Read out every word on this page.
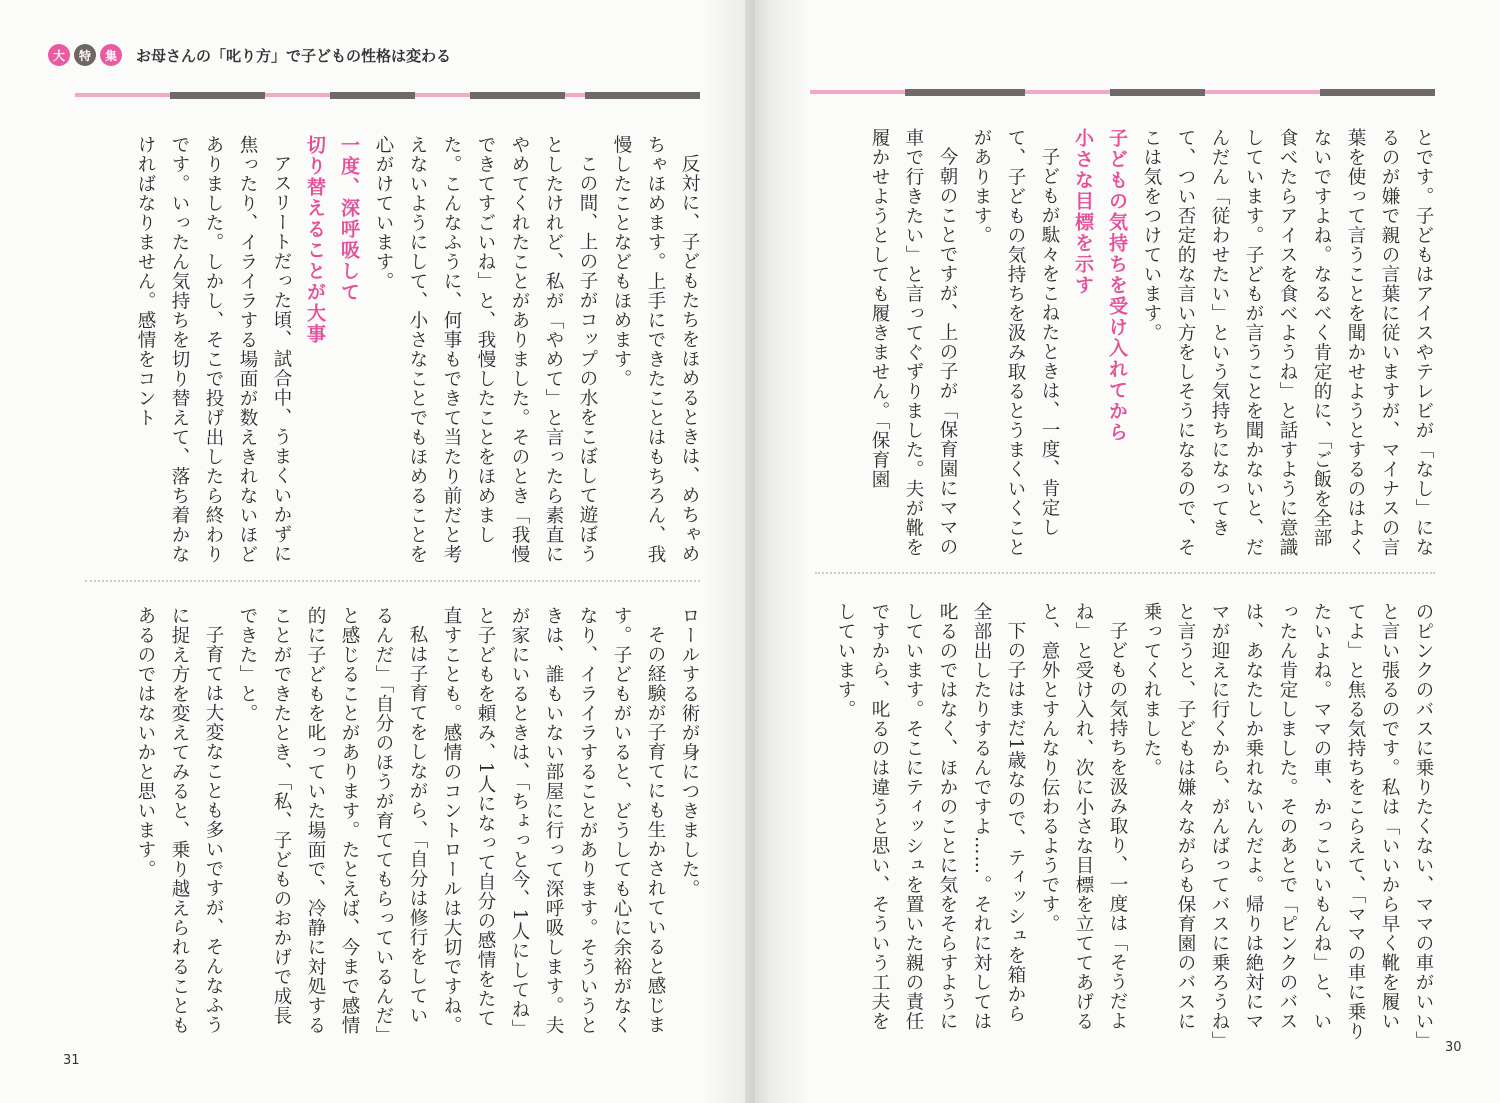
大	特	集	お母さんの「叱り方」で子どもの性格は変わる

とです。子どもはアイスやテレビが「なし」になるのが嫌で親の言葉に従いますが、マイナスの言葉を使って言うことを聞かせようとするのはよくないですよね。なるべく肯定的に、「ご飯を全部食べたらアイスを食べようね」と話すように意識しています。子どもが言うことを聞かないと、だんだん「従わせたい」という気持ちになってきて、つい否定的な言い方をしそうになるので、そこは気をつけています。

子どもの気持ちを受け入れてから
小さな目標を示す

子どもが駄々をこねたときは、一度、肯定して、子どもの気持ちを汲み取るとうまくいくことがあります。

今朝のことですが、上の子が「保育園にママの車で行きたい」と言ってぐずりました。夫が靴を履かせようとしても履きません。「保育園

のピンクのバスに乗りたくない、ママの車がいい」と言い張るのです。私は「いいから早く靴を履いてよ」と焦る気持ちをこらえて、「ママの車に乗りたいよね。ママの車、かっこいいもんね」と、いったん肯定しました。そのあとで「ピンクのバスは、あなたしか乗れないんだよ。帰りは絶対にママが迎えに行くから、がんばってバスに乗ろうね」と言うと、子どもは嫌々ながらも保育園のバスに乗ってくれました。

子どもの気持ちを汲み取り、一度は「そうだよね」と受け入れ、次に小さな目標を立ててあげると、意外とすんなり伝わるようです。

下の子はまだ1歳なので、ティッシュを箱から全部出したりするんですよ……。それに対しては叱るのではなく、ほかのことに気をそらすようにしています。そこにティッシュを置いた親の責任ですから、叱るのは違うと思い、そういう工夫をしています。

反対に、子どもたちをほめるときは、めちゃめちゃほめます。上手にできたことはもちろん、我慢したことなどもほめます。

この間、上の子がコップの水をこぼして遊ぼうとしたけれど、私が「やめて」と言ったら素直にやめてくれたことがありました。そのとき「我慢できてすごいね」と、我慢したことをほめました。こんなふうに、何事もできて当たり前だと考えないようにして、小さなことでもほめることを心がけています。

一度、深呼吸して
切り替えることが大事

アスリートだった頃、試合中、うまくいかずに焦ったり、イライラする場面が数えきれないほどありました。しかし、そこで投げ出したら終わりです。いったん気持ちを切り替えて、落ち着かなければなりません。感情をコント

ロールする術が身につきました。

その経験が子育てにも生かされていると感じます。子どもがいると、どうしても心に余裕がなくなり、イライラすることがあります。そういうときは、誰もいない部屋に行って深呼吸します。夫が家にいるときは、「ちょっと今、1人にしてね」と子どもを頼み、1人になって自分の感情をたて直すことも。感情のコントロールは大切ですね。

私は子育てをしながら、「自分は修行をしているんだ」「自分のほうが育ててもらっているんだ」と感じることがあります。たとえば、今まで感情的に子どもを叱っていた場面で、冷静に対処することができたとき、「私、子どものおかげで成長できた」と。

子育ては大変なことも多いですが、そんなふうに捉え方を変えてみると、乗り越えられることもあるのではないかと思います。

31
30
